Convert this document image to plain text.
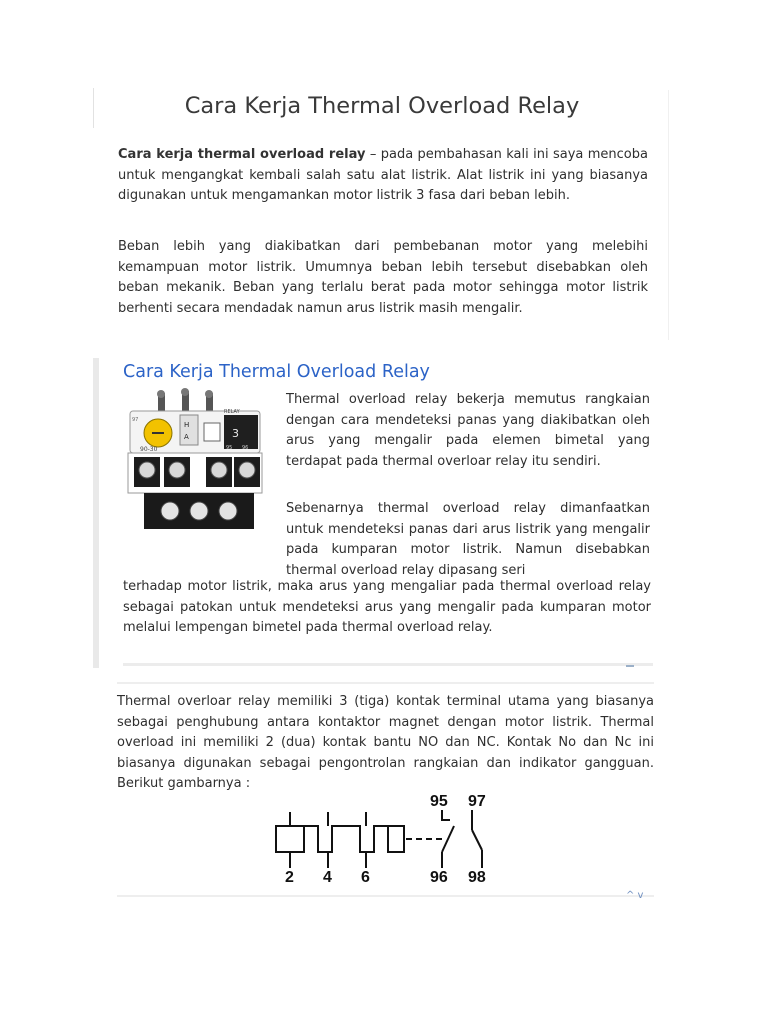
Cara Kerja Thermal Overload Relay
Cara kerja thermal overload relay – pada pembahasan kali ini saya mencoba untuk mengangkat kembali salah satu alat listrik. Alat listrik ini yang biasanya digunakan untuk mengamankan motor listrik 3 fasa dari beban lebih.
Beban lebih yang diakibatkan dari pembebanan motor yang melebihi kemampuan motor listrik. Umumnya beban lebih tersebut disebabkan oleh beban mekanik. Beban yang terlalu berat pada motor sehingga motor listrik berhenti secara mendadak namun arus listrik masih mengalir.
Cara Kerja Thermal Overload Relay
90-30
H
A	3
RELAY
95 96
97
Thermal overload relay bekerja memutus rangkaian dengan cara mendeteksi panas yang diakibatkan oleh arus yang mengalir pada elemen bimetal yang terdapat pada thermal overloar relay itu sendiri.
Sebenarnya thermal overload relay dimanfaatkan untuk mendeteksi panas dari arus listrik yang mengalir pada kumparan motor listrik. Namun disebabkan thermal overload relay dipasang seri
terhadap motor listrik, maka arus yang mengaliar pada thermal overload relay sebagai patokan untuk mendeteksi arus yang mengalir pada kumparan motor melalui lempengan bimetel pada thermal overload relay.
Thermal overloar relay memiliki 3 (tiga) kontak terminal utama yang biasanya sebagai penghubung antara kontaktor magnet dengan motor listrik. Thermal overload ini memiliki 2 (dua) kontak bantu NO dan NC. Kontak No dan Nc ini biasanya digunakan sebagai pengontrolan rangkaian dan indikator gangguan. Berikut gambarnya :
95 97
2 4 6	96 98
^ v
